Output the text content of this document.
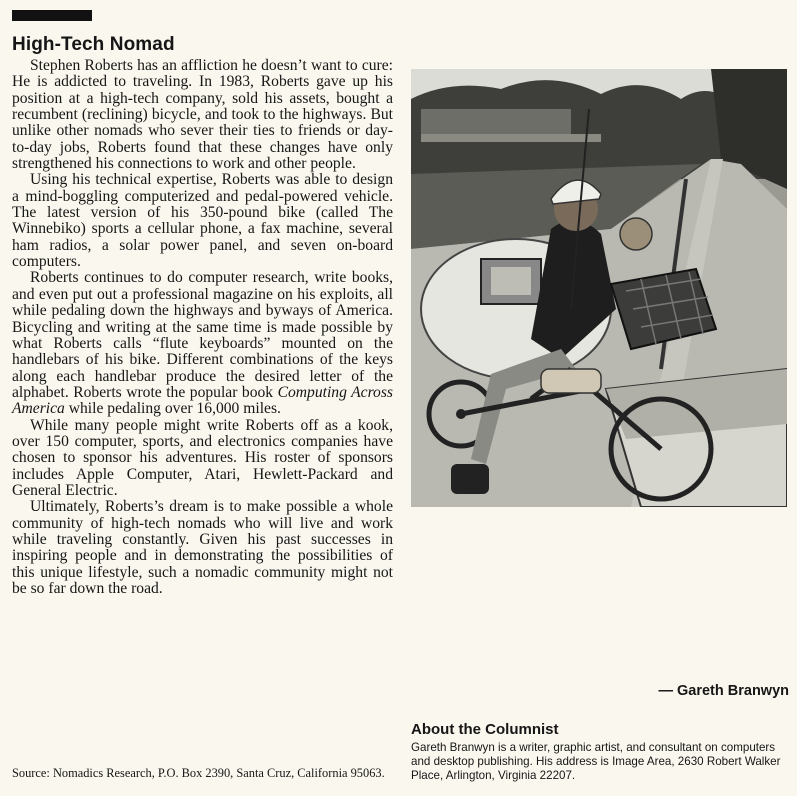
High-Tech Nomad

Stephen Roberts has an affliction he doesn’t want to cure: He is addicted to traveling. In 1983, Roberts gave up his position at a high-tech company, sold his assets, bought a recumbent (reclining) bicycle, and took to the highways. But unlike other nomads who sever their ties to friends or day-to-day jobs, Roberts found that these changes have only strengthened his connections to work and other people.

Using his technical expertise, Roberts was able to design a mind-boggling computerized and pedal-powered vehicle. The latest version of his 350-pound bike (called The Winnebiko) sports a cellular phone, a fax machine, several ham radios, a solar power panel, and seven on-board computers.

Roberts continues to do computer research, write books, and even put out a professional magazine on his exploits, all while pedaling down the highways and byways of America. Bicycling and writing at the same time is made possible by what Roberts calls “flute keyboards” mounted on the handlebars of his bike. Different combinations of the keys along each handlebar produce the desired letter of the alphabet. Roberts wrote the popular book Computing Across America while pedaling over 16,000 miles.

While many people might write Roberts off as a kook, over 150 computer, sports, and electronics companies have chosen to sponsor his adventures. His roster of sponsors includes Apple Computer, Atari, Hewlett-Packard and General Electric.

Ultimately, Roberts’s dream is to make possible a whole community of high-tech nomads who will live and work while traveling constantly. Given his past successes in inspiring people and in demonstrating the possibilities of this unique lifestyle, such a nomadic community might not be so far down the road.

Source: Nomadics Research, P.O. Box 2390, Santa Cruz, California 95063.
— Gareth Branwyn
About the Columnist
Gareth Branwyn is a writer, graphic artist, and consultant on computers and desktop publishing. His address is Image Area, 2630 Robert Walker Place, Arlington, Virginia 22207.
